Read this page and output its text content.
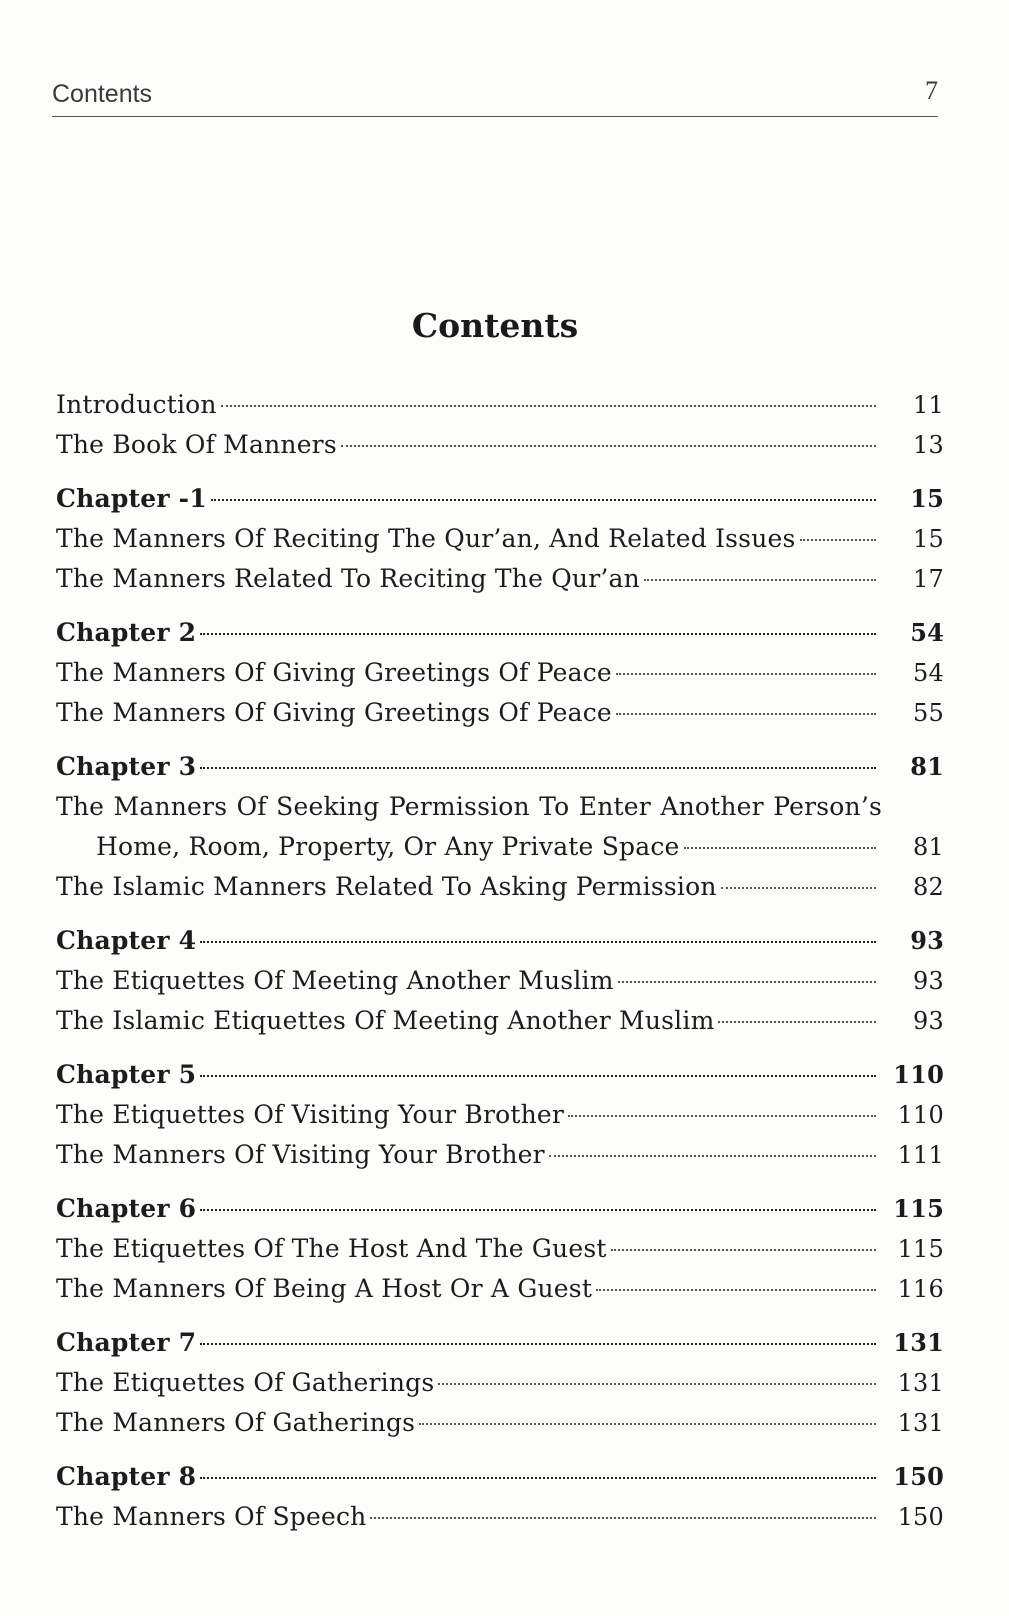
Contents	7
Contents
Introduction	11
The Book Of Manners	13
Chapter -1	15
The Manners Of Reciting The Qur’an, And Related Issues	15
The Manners Related To Reciting The Qur’an	17
Chapter 2	54
The Manners Of Giving Greetings Of Peace	54
The Manners Of Giving Greetings Of Peace	55
Chapter 3	81
The Manners Of Seeking Permission To Enter Another Person’s
Home, Room, Property, Or Any Private Space	81
The Islamic Manners Related To Asking Permission	82
Chapter 4	93
The Etiquettes Of Meeting Another Muslim	93
The Islamic Etiquettes Of Meeting Another Muslim	93
Chapter 5	110
The Etiquettes Of Visiting Your Brother	110
The Manners Of Visiting Your Brother	111
Chapter 6	115
The Etiquettes Of The Host And The Guest	115
The Manners Of Being A Host Or A Guest	116
Chapter 7	131
The Etiquettes Of Gatherings	131
The Manners Of Gatherings	131
Chapter 8	150
The Manners Of Speech	150
